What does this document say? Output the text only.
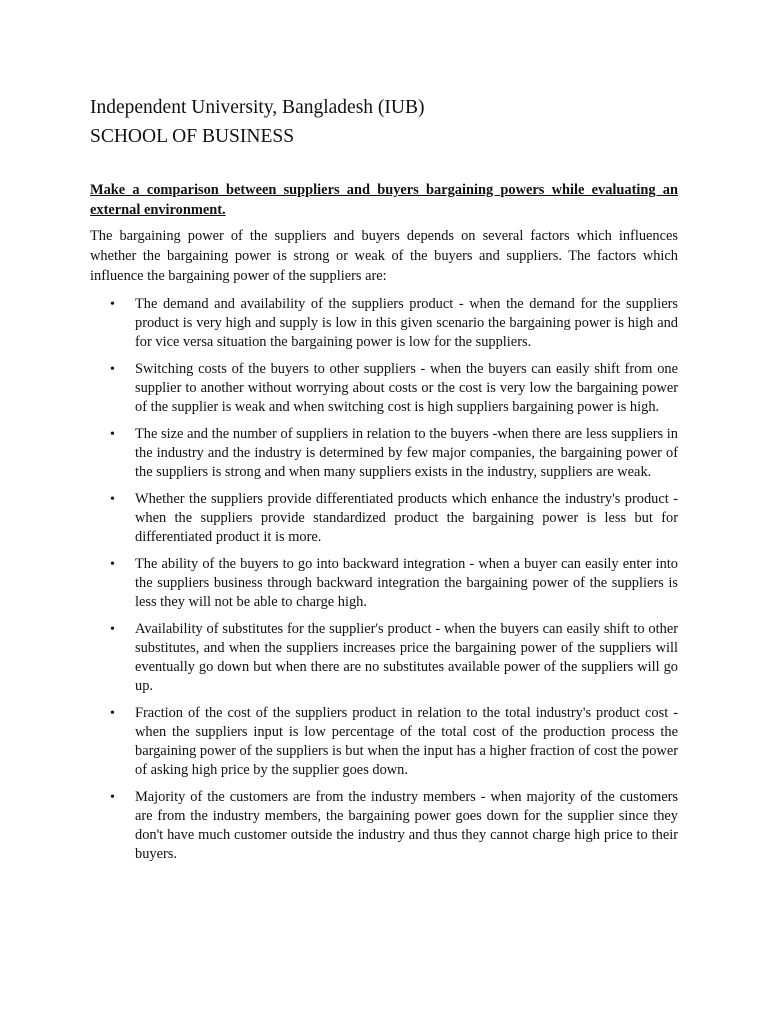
Independent University, Bangladesh (IUB)

SCHOOL OF BUSINESS

Make a comparison between suppliers and buyers bargaining powers while evaluating an external environment.
The bargaining power of the suppliers and buyers depends on several factors which influences whether the bargaining power is strong or weak of the buyers and suppliers. The factors which influence the bargaining power of the suppliers are:
• The demand and availability of the suppliers product - when the demand for the suppliers product is very high and supply is low in this given scenario the bargaining power is high and for vice versa situation the bargaining power is low for the suppliers.
• Switching costs of the buyers to other suppliers - when the buyers can easily shift from one supplier to another without worrying about costs or the cost is very low the bargaining power of the supplier is weak and when switching cost is high suppliers bargaining power is high.
• The size and the number of suppliers in relation to the buyers -when there are less suppliers in the industry and the industry is determined by few major companies, the bargaining power of the suppliers is strong and when many suppliers exists in the industry, suppliers are weak.
• Whether the suppliers provide differentiated products which enhance the industry's product - when the suppliers provide standardized product the bargaining power is less but for differentiated product it is more.
• The ability of the buyers to go into backward integration - when a buyer can easily enter into the suppliers business through backward integration the bargaining power of the suppliers is less they will not be able to charge high.
• Availability of substitutes for the supplier's product - when the buyers can easily shift to other substitutes, and when the suppliers increases price the bargaining power of the suppliers will eventually go down but when there are no substitutes available power of the suppliers will go up.
• Fraction of the cost of the suppliers product in relation to the total industry's product cost - when the suppliers input is low percentage of the total cost of the production process the bargaining power of the suppliers is but when the input has a higher fraction of cost the power of asking high price by the supplier goes down.
• Majority of the customers are from the industry members - when majority of the customers are from the industry members, the bargaining power goes down for the supplier since they don't have much customer outside the industry and thus they cannot charge high price to their buyers.
